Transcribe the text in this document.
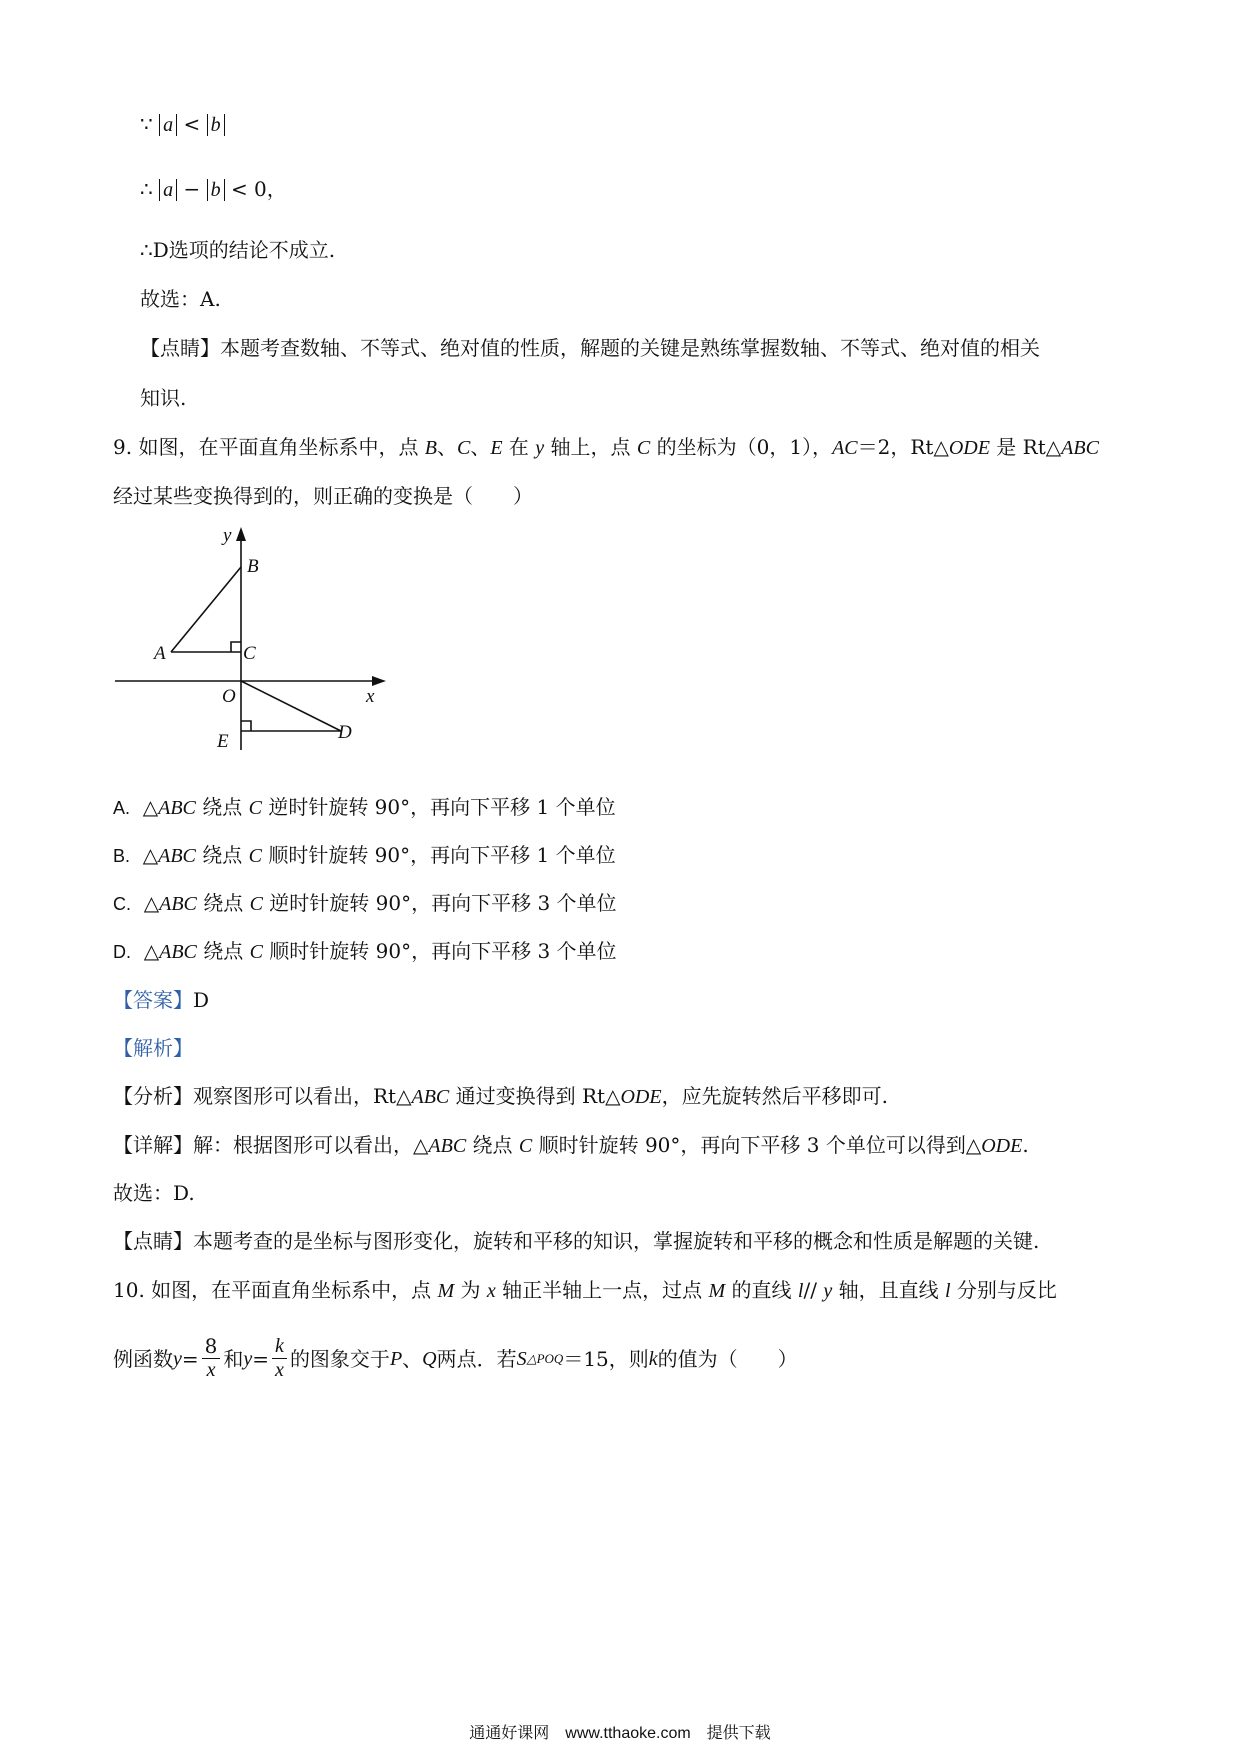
∵ a < b
∴ a − b < 0，
∴D选项的结论不成立.
故选：A.
【点睛】本题考查数轴、不等式、绝对值的性质，解题的关键是熟练掌握数轴、不等式、绝对值的相关
知识.
9. 如图，在平面直角坐标系中，点 B、C、E 在 y 轴上，点 C 的坐标为（0，1），AC＝2，Rt△ODE 是 Rt△ABC
经过某些变换得到的，则正确的变换是（　　）
y
B
A	C
O	x
E	D
A. △ABC 绕点 C 逆时针旋转 90°，再向下平移 1 个单位
B. △ABC 绕点 C 顺时针旋转 90°，再向下平移 1 个单位
C. △ABC 绕点 C 逆时针旋转 90°，再向下平移 3 个单位
D. △ABC 绕点 C 顺时针旋转 90°，再向下平移 3 个单位
【答案】D
【解析】
【分析】观察图形可以看出，Rt△ABC 通过变换得到 Rt△ODE，应先旋转然后平移即可.
【详解】解：根据图形可以看出，△ABC 绕点 C 顺时针旋转 90°，再向下平移 3 个单位可以得到△ODE.
故选：D.
【点睛】本题考查的是坐标与图形变化，旋转和平移的知识，掌握旋转和平移的概念和性质是解题的关键.
10. 如图，在平面直角坐标系中，点 M 为 x 轴正半轴上一点，过点 M 的直线 l// y 轴，且直线 l 分别与反比
例函数 $y = \frac{8}{x}$ 和 $y = \frac{k}{x}$ 的图象交于 P 、 Q 两点．若 S △POQ ＝15，则 k 的值为（　　）
通通好课网　www.tthaoke.com　提供下载
